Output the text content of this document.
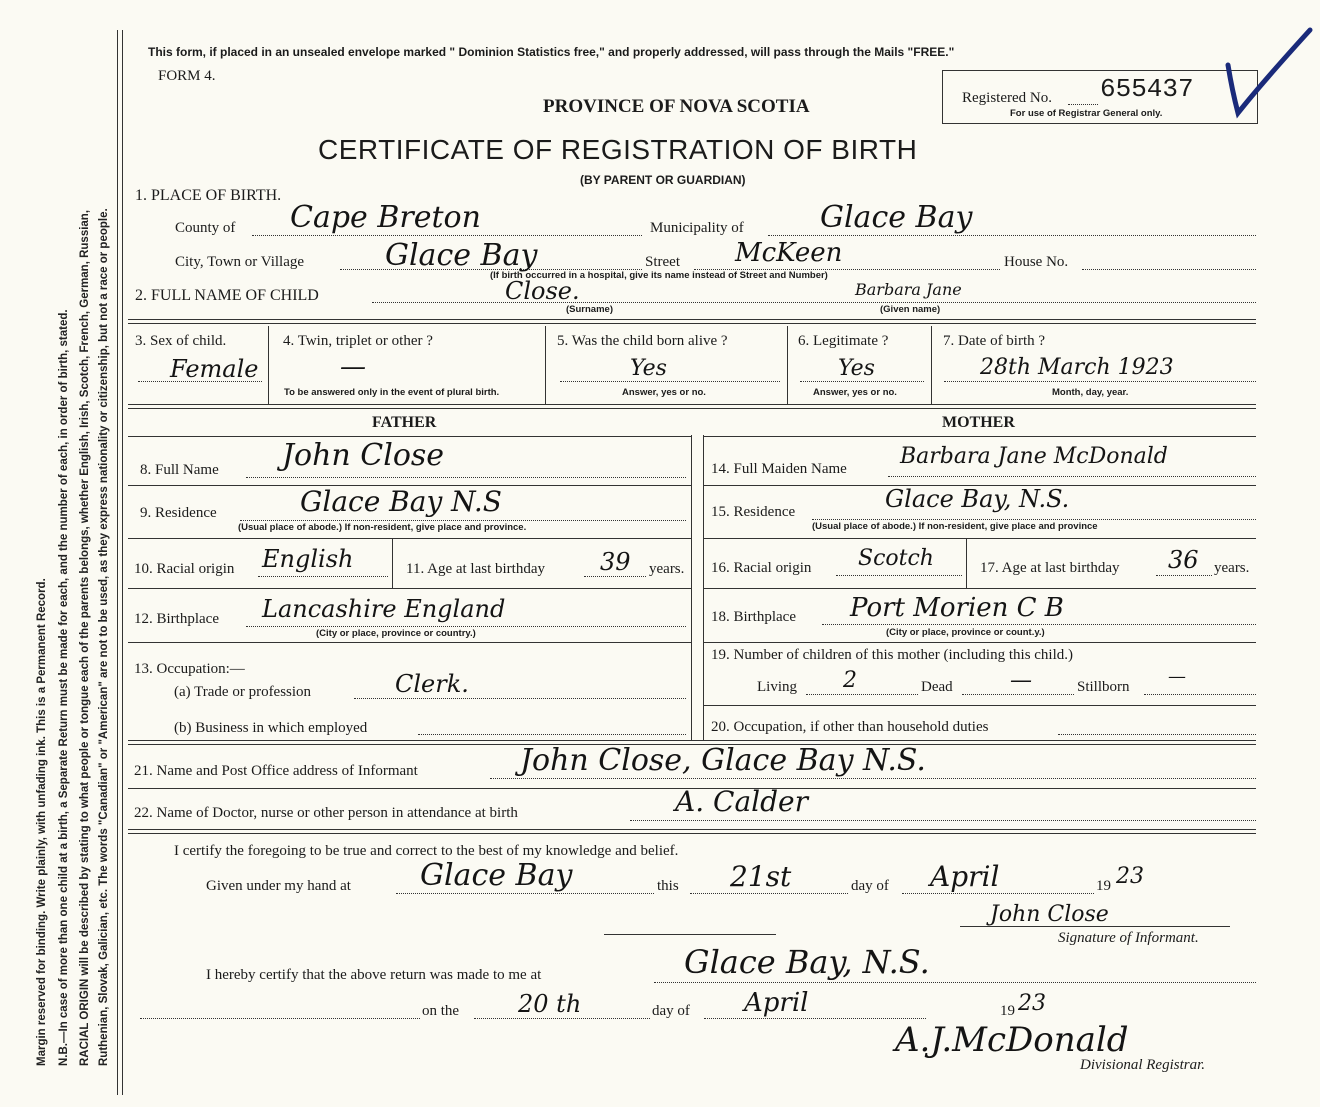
Margin reserved for binding. Write plainly, with unfading ink. This is a Permanent Record. N.B.—In case of more than one child at a birth, a Separate Return must be made for each, and the number of each, in order of birth, stated. RACIAL ORIGIN will be described by stating to what people or tongue each of the parents belongs, whether English, Irish, Scotch, French, German, Russian, Ruthenian, Slovak, Galician, etc. The words "Canadian" or "American" are not to be used, as they express nationality or citizenship, but not a race or people.
This form, if placed in an unsealed envelope marked " Dominion Statistics free," and properly addressed, will pass through the Mails "FREE."
FORM 4.
PROVINCE OF NOVA SCOTIA
CERTIFICATE OF REGISTRATION OF BIRTH
(BY PARENT OR GUARDIAN)
Registered No. 655437
For use of Registrar General only.
1. PLACE OF BIRTH.
County of Cape Breton	Municipality of	Glace Bay
City, Town or Village	Glace Bay	Street McKeen	House No.
(If birth occurred in a hospital, give its name instead of Street and Number)
2. FULL NAME OF CHILD	Close.	Barbara Jane
(Surname)	(Given name)
3. Sex of child.
Female
4. Twin, triplet or other ?
—
To be answered only in the event of plural birth.
5. Was the child born alive ?
Yes
Answer, yes or no.
6. Legitimate ?
Yes
Answer, yes or no.
7. Date of birth ?
28th March 1923
Month, day, year.
FATHER	MOTHER
8. Full Name John Close
9. Residence	Glace Bay N.S
(Usual place of abode.) If non-resident, give place and province.
10. Racial origin English	11. Age at last birthday 39 years.
12. Birthplace Lancashire England
(City or place, province or country.)
13. Occupation:—
(a) Trade or profession	Clerk.
(b) Business in which employed
14. Full Maiden Name Barbara Jane McDonald
15. Residence	Glace Bay, N.S.
(Usual place of abode.) If non-resident, give place and province
16. Racial origin Scotch	17. Age at last birthday 36 years.
18. Birthplace Port Morien C B
(City or place, province or count.y.)
19. Number of children of this mother (including this child.)
Living 2	Dead	—	Stillborn —
20. Occupation, if other than household duties
21. Name and Post Office address of Informant	John Close, Glace Bay N.S.
22. Name of Doctor, nurse or other person in attendance at birth	A. Calder
I certify the foregoing to be true and correct to the best of my knowledge and belief.
Given under my hand at Glace Bay	this 21st	day of April	19 23
John Close
Signature of Informant.
I hereby certify that the above return was made to me at	Glace Bay, N.S.
on the 20 th	day of April	19 23
A.J.McDonald
Divisional Registrar.
